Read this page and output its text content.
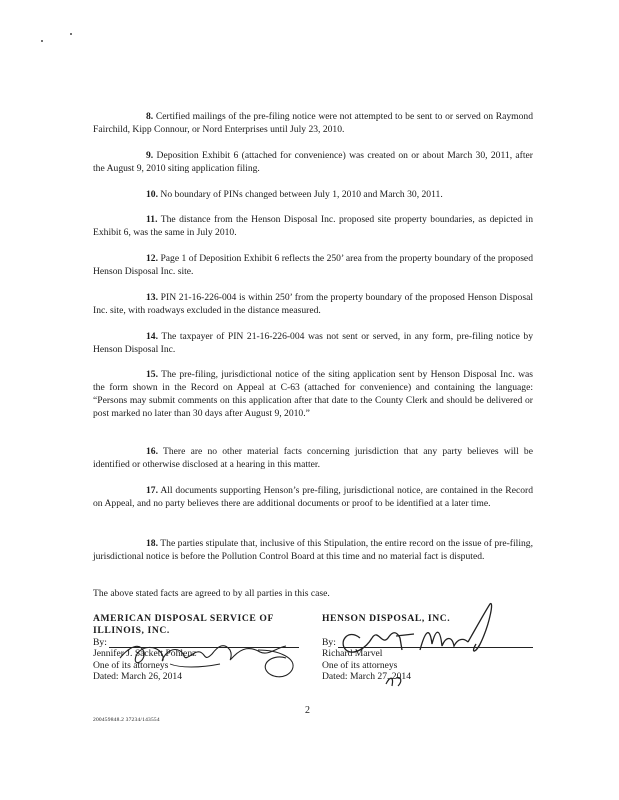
8. Certified mailings of the pre-filing notice were not attempted to be sent to or served on Raymond Fairchild, Kipp Connour, or Nord Enterprises until July 23, 2010.

9. Deposition Exhibit 6 (attached for convenience) was created on or about March 30, 2011, after the August 9, 2010 siting application filing.

10. No boundary of PINs changed between July 1, 2010 and March 30, 2011.

11. The distance from the Henson Disposal Inc. proposed site property boundaries, as depicted in Exhibit 6, was the same in July 2010.

12. Page 1 of Deposition Exhibit 6 reflects the 250’ area from the property boundary of the proposed Henson Disposal Inc. site.

13. PIN 21-16-226-004 is within 250’ from the property boundary of the proposed Henson Disposal Inc. site, with roadways excluded in the distance measured.

14. The taxpayer of PIN 21-16-226-004 was not sent or served, in any form, pre-filing notice by Henson Disposal Inc.

15. The pre-filing, jurisdictional notice of the siting application sent by Henson Disposal Inc. was the form shown in the Record on Appeal at C-63 (attached for convenience) and containing the language: “Persons may submit comments on this application after that date to the County Clerk and should be delivered or post marked no later than 30 days after August 9, 2010.”

16. There are no other material facts concerning jurisdiction that any party believes will be identified or otherwise disclosed at a hearing in this matter.

17. All documents supporting Henson’s pre-filing, jurisdictional notice, are contained in the Record on Appeal, and no party believes there are additional documents or proof to be identified at a later time.

18. The parties stipulate that, inclusive of this Stipulation, the entire record on the issue of pre-filing, jurisdictional notice is before the Pollution Control Board at this time and no material fact is disputed.

The above stated facts are agreed to by all parties in this case.

AMERICAN DISPOSAL SERVICE OF
ILLINOIS, INC.
By:
Jennifer J. Sackett Pohlenz
One of its attorneys
Dated: March 26, 2014
HENSON DISPOSAL, INC.
By:
Richard Marvel
One of its attorneys
Dated: March 27, 2014
2
200459848.2 37234/143554
